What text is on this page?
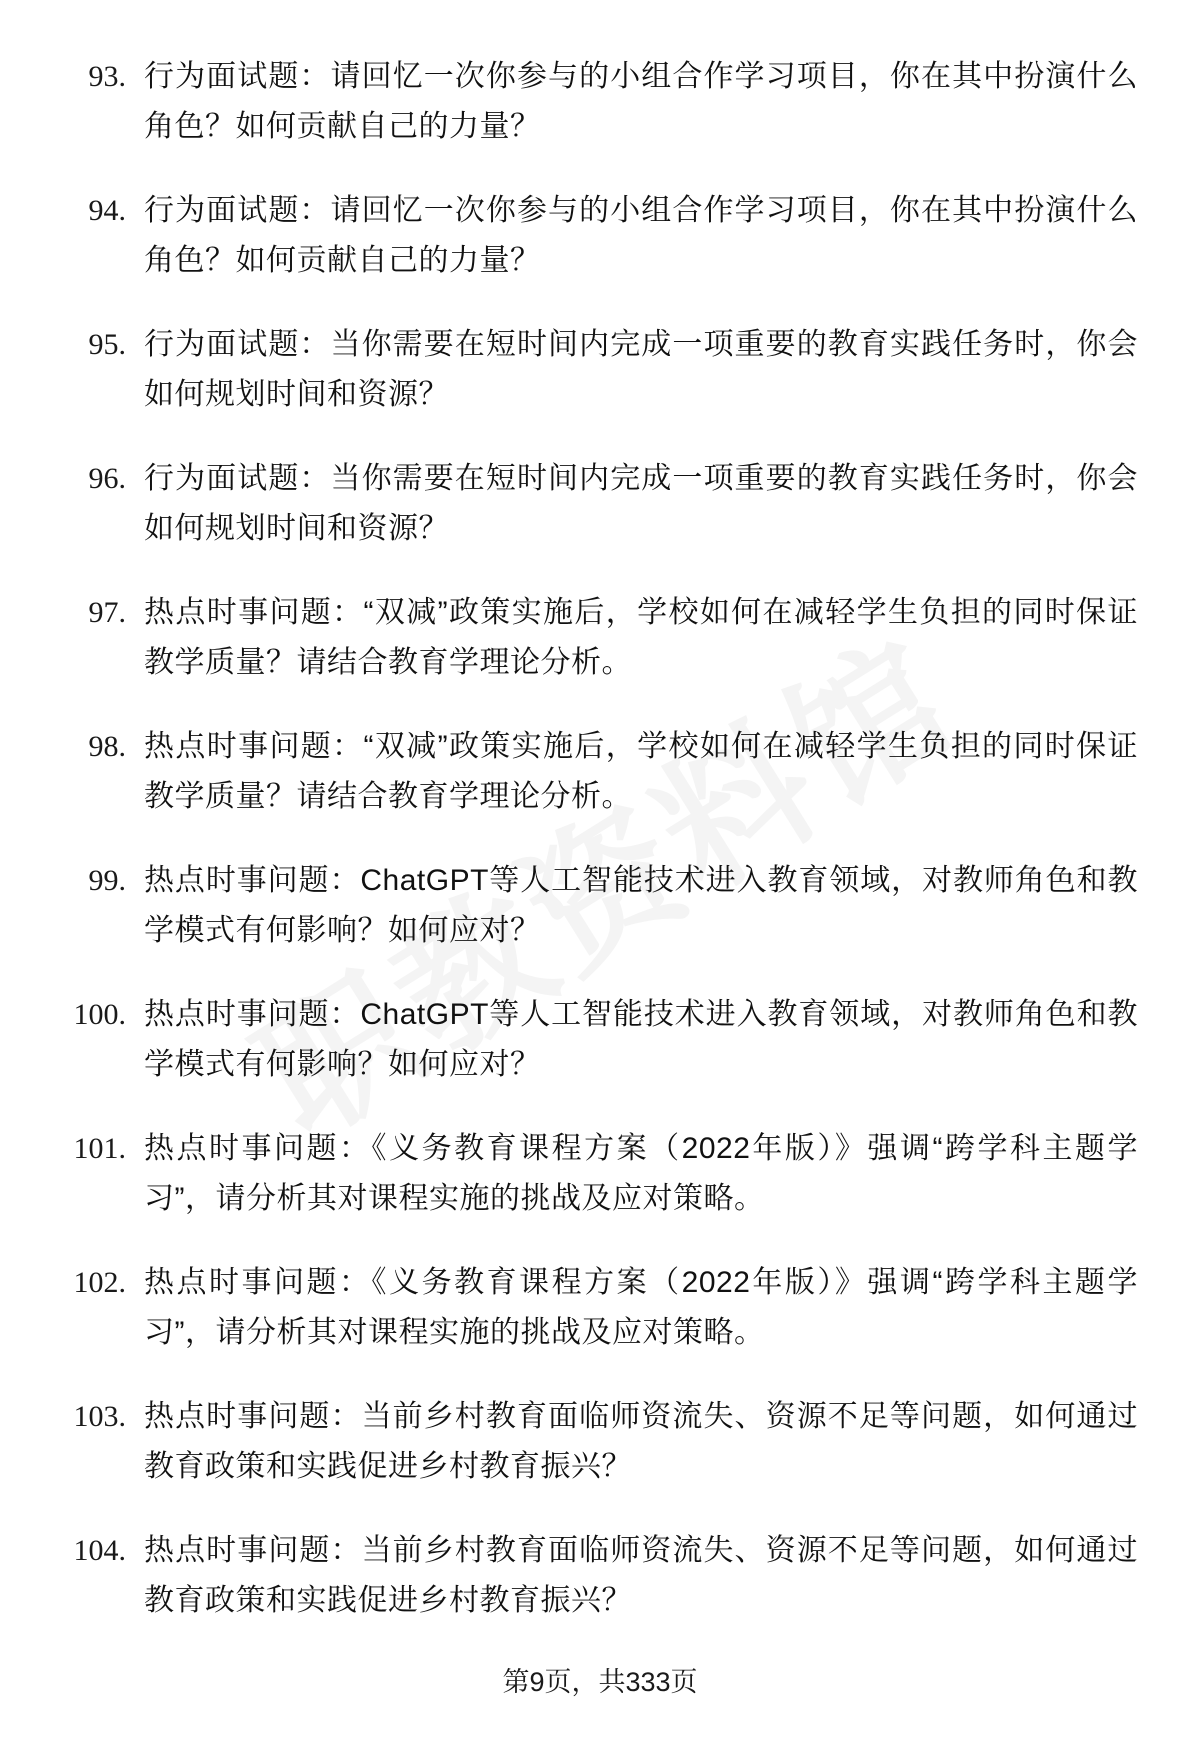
93. 行为面试题：请回忆一次你参与的小组合作学习项目，你在其中扮演什么角色？如何贡献自己的力量？
94. 行为面试题：请回忆一次你参与的小组合作学习项目，你在其中扮演什么角色？如何贡献自己的力量？
95. 行为面试题：当你需要在短时间内完成一项重要的教育实践任务时，你会如何规划时间和资源？
96. 行为面试题：当你需要在短时间内完成一项重要的教育实践任务时，你会如何规划时间和资源？
97. 热点时事问题：“双减”政策实施后，学校如何在减轻学生负担的同时保证教学质量？请结合教育学理论分析。
98. 热点时事问题：“双减”政策实施后，学校如何在减轻学生负担的同时保证教学质量？请结合教育学理论分析。
99. 热点时事问题：ChatGPT等人工智能技术进入教育领域，对教师角色和教学模式有何影响？如何应对？
100. 热点时事问题：ChatGPT等人工智能技术进入教育领域，对教师角色和教学模式有何影响？如何应对？
101. 热点时事问题：《义务教育课程方案（2022年版）》强调“跨学科主题学习”，请分析其对课程实施的挑战及应对策略。
102. 热点时事问题：《义务教育课程方案（2022年版）》强调“跨学科主题学习”，请分析其对课程实施的挑战及应对策略。
103. 热点时事问题：当前乡村教育面临师资流失、资源不足等问题，如何通过教育政策和实践促进乡村教育振兴？
104. 热点时事问题：当前乡村教育面临师资流失、资源不足等问题，如何通过教育政策和实践促进乡村教育振兴？
第9页，共333页
